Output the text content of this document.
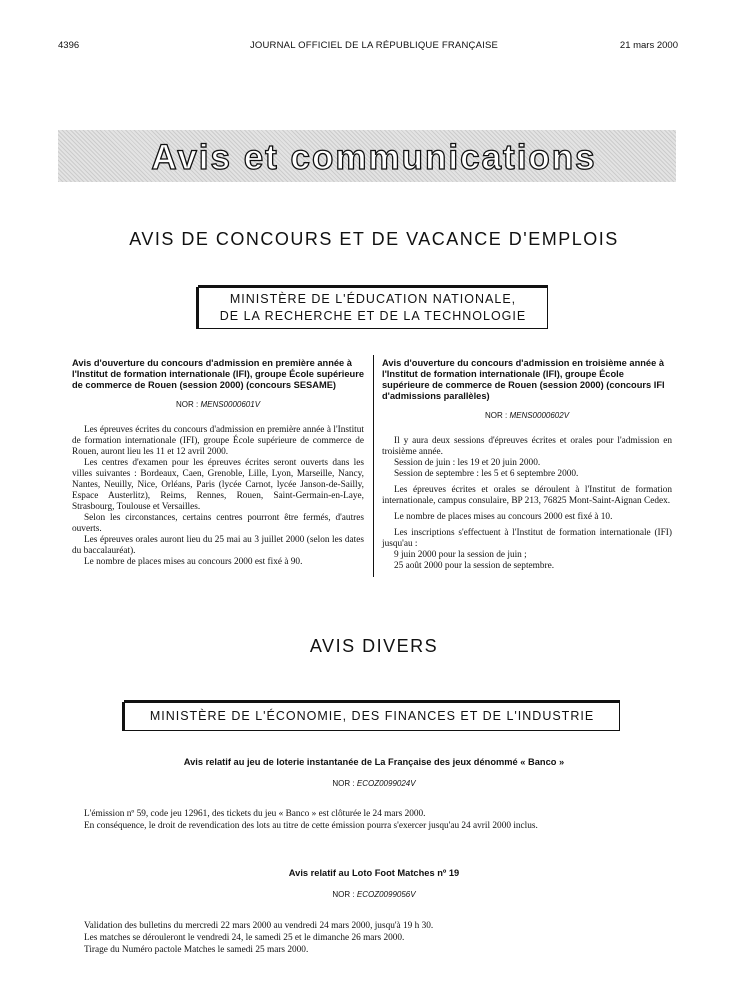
4396	JOURNAL OFFICIEL DE LA RÉPUBLIQUE FRANÇAISE	21 mars 2000
Avis et communications
AVIS DE CONCOURS ET DE VACANCE D'EMPLOIS
MINISTÈRE DE L'ÉDUCATION NATIONALE,
DE LA RECHERCHE ET DE LA TECHNOLOGIE
Avis d'ouverture du concours d'admission en première année à l'Institut de formation internationale (IFI), groupe École supérieure de commerce de Rouen (session 2000) (concours SESAME)
NOR : MENS0000601V

Les épreuves écrites du concours d'admission en première année à l'Institut de formation internationale (IFI), groupe École supérieure de commerce de Rouen, auront lieu les 11 et 12 avril 2000.

Les centres d'examen pour les épreuves écrites seront ouverts dans les villes suivantes : Bordeaux, Caen, Grenoble, Lille, Lyon, Marseille, Nancy, Nantes, Neuilly, Nice, Orléans, Paris (lycée Carnot, lycée Janson-de-Sailly, Espace Austerlitz), Reims, Rennes, Rouen, Saint-Germain-en-Laye, Strasbourg, Toulouse et Versailles.

Selon les circonstances, certains centres pourront être fermés, d'autres ouverts.

Les épreuves orales auront lieu du 25 mai au 3 juillet 2000 (selon les dates du baccalauréat).

Le nombre de places mises au concours 2000 est fixé à 90.

Avis d'ouverture du concours d'admission en troisième année à l'Institut de formation internationale (IFI), groupe École supérieure de commerce de Rouen (session 2000) (concours IFI d'admissions parallèles)
NOR : MENS0000602V

Il y aura deux sessions d'épreuves écrites et orales pour l'admission en troisième année.

Session de juin : les 19 et 20 juin 2000.

Session de septembre : les 5 et 6 septembre 2000.

Les épreuves écrites et orales se déroulent à l'Institut de formation internationale, campus consulaire, BP 213, 76825 Mont-Saint-Aignan Cedex.

Le nombre de places mises au concours 2000 est fixé à 10.

Les inscriptions s'effectuent à l'Institut de formation internationale (IFI) jusqu'au :

9 juin 2000 pour la session de juin ;

25 août 2000 pour la session de septembre.

AVIS DIVERS
MINISTÈRE DE L'ÉCONOMIE, DES FINANCES ET DE L'INDUSTRIE
Avis relatif au jeu de loterie instantanée de La Française des jeux dénommé « Banco »
NOR : ECOZ0099024V
L'émission nº 59, code jeu 12961, des tickets du jeu « Banco » est clôturée le 24 mars 2000.
En conséquence, le droit de revendication des lots au titre de cette émission pourra s'exercer jusqu'au 24 avril 2000 inclus.
Avis relatif au Loto Foot Matches nº 19
NOR : ECOZ0099056V
Validation des bulletins du mercredi 22 mars 2000 au vendredi 24 mars 2000, jusqu'à 19 h 30.
Les matches se dérouleront le vendredi 24, le samedi 25 et le dimanche 26 mars 2000.
Tirage du Numéro pactole Matches le samedi 25 mars 2000.
